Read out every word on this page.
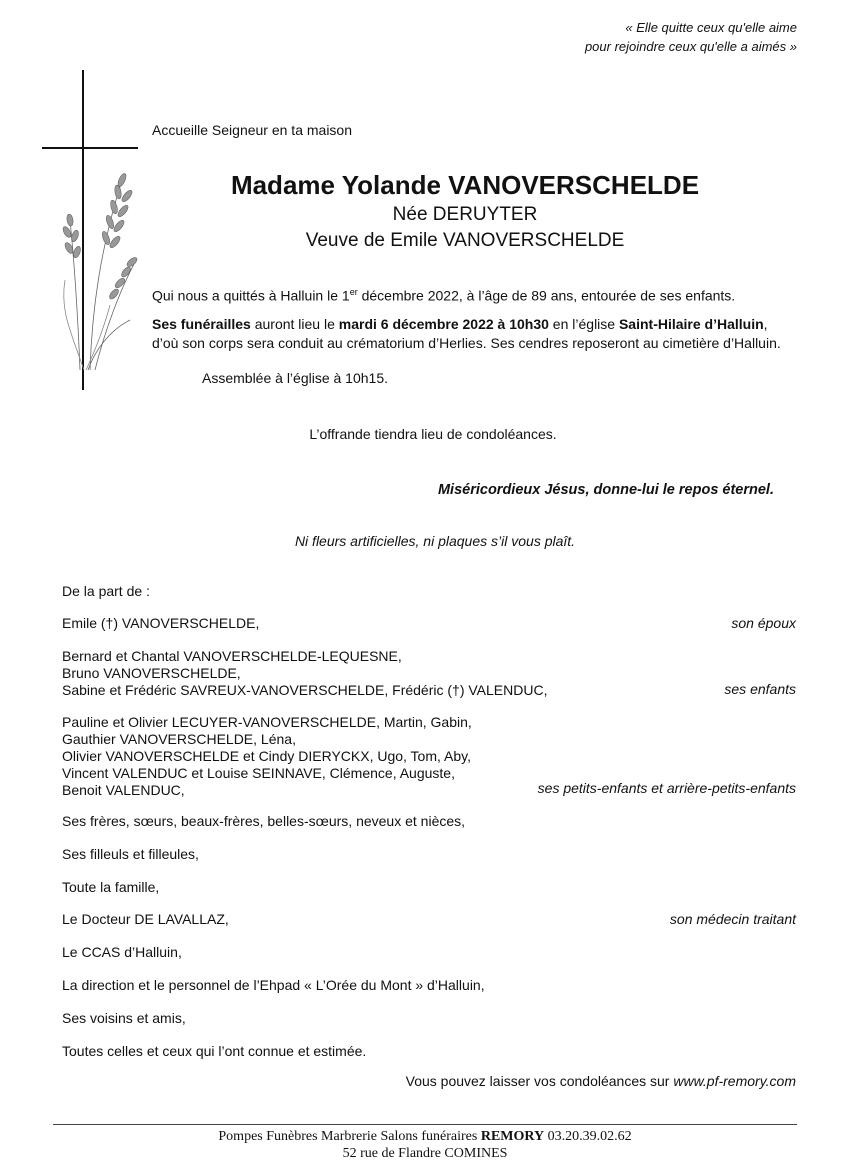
« Elle quitte ceux qu'elle aime
pour rejoindre ceux qu'elle a aimés »
Accueille Seigneur en ta maison
Madame Yolande VANOVERSCHELDE
Née DERUYTER
Veuve de Emile VANOVERSCHELDE
Qui nous a quittés à Halluin le 1er décembre 2022, à l’âge de 89 ans, entourée de ses enfants.
Ses funérailles auront lieu le mardi 6 décembre 2022 à 10h30 en l’église Saint-Hilaire d’Halluin,
d’où son corps sera conduit au crématorium d’Herlies. Ses cendres reposeront au cimetière d’Halluin.
Assemblée à l’église à 10h15.
L’offrande tiendra lieu de condoléances.
Miséricordieux Jésus, donne-lui le repos éternel.
Ni fleurs artificielles, ni plaques s’il vous plaît.
De la part de :
Emile (†) VANOVERSCHELDE,	son époux
Bernard et Chantal VANOVERSCHELDE-LEQUESNE,
Bruno VANOVERSCHELDE,
Sabine et Frédéric SAVREUX-VANOVERSCHELDE, Frédéric (†) VALENDUC,	ses enfants
Pauline et Olivier LECUYER-VANOVERSCHELDE, Martin, Gabin,
Gauthier VANOVERSCHELDE, Léna,
Olivier VANOVERSCHELDE et Cindy DIERYCKX, Ugo, Tom, Aby,
Vincent VALENDUC et Louise SEINNAVE, Clémence, Auguste,
Benoit VALENDUC,	ses petits-enfants et arrière-petits-enfants
Ses frères, sœurs, beaux-frères, belles-sœurs, neveux et nièces,
Ses filleuls et filleules,
Toute la famille,
Le Docteur DE LAVALLAZ,	son médecin traitant
Le CCAS d’Halluin,
La direction et le personnel de l’Ehpad « L’Orée du Mont » d’Halluin,
Ses voisins et amis,
Toutes celles et ceux qui l’ont connue et estimée.
Vous pouvez laisser vos condoléances sur www.pf-remory.com
Pompes Funèbres Marbrerie Salons funéraires REMORY 03.20.39.02.62
52 rue de Flandre COMINES
